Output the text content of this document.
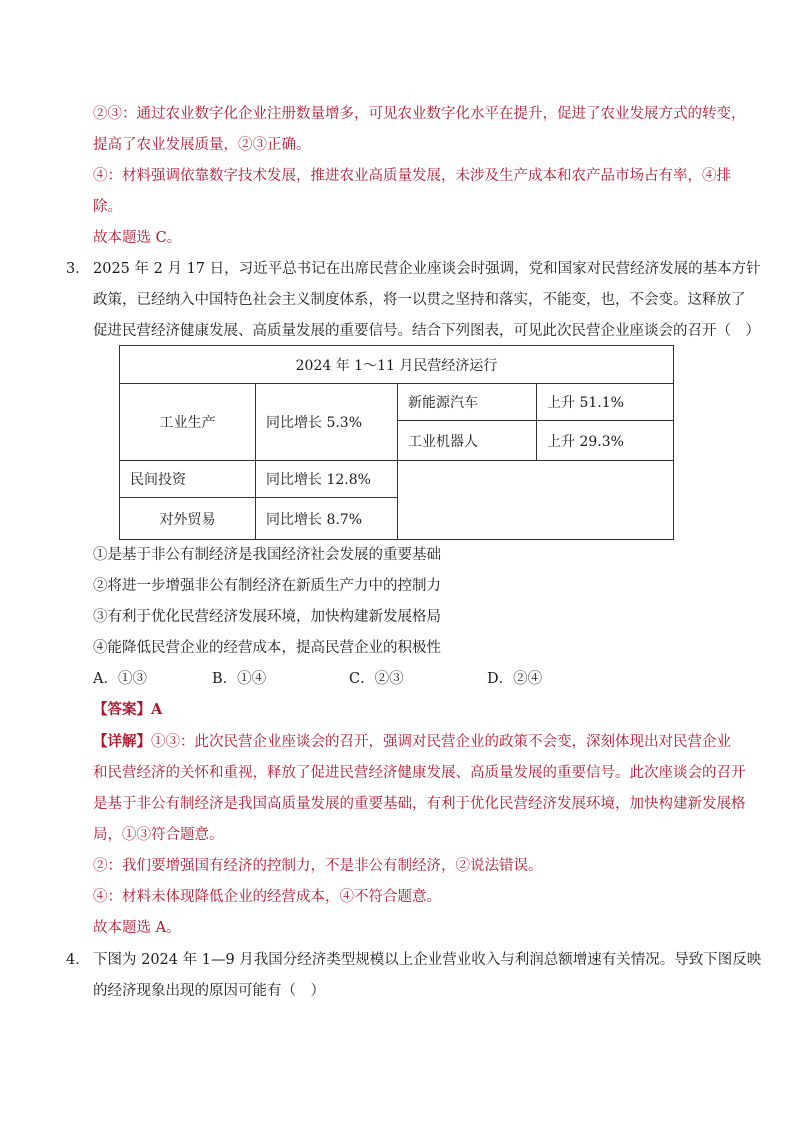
②③：通过农业数字化企业注册数量增多，可见农业数字化水平在提升，促进了农业发展方式的转变，
提高了农业发展质量，②③正确。
④：材料强调依靠数字技术发展，推进农业高质量发展，未涉及生产成本和农产品市场占有率，④排
除。
故本题选 C。
3． 2025 年 2 月 17 日，习近平总书记在出席民营企业座谈会时强调，党和国家对民营经济发展的基本方针
政策，已经纳入中国特色社会主义制度体系，将一以贯之坚持和落实，不能变，也，不会变。这释放了
促进民营经济健康发展、高质量发展的重要信号。结合下列图表，可见此次民营企业座谈会的召开（　）
2024 年 1～11 月民营经济运行			
工业生产	同比增长 5.3%	新能源汽车	上升 51.1%
		工业机器人	上升 29.3%
民间投资	同比增长 12.8%		
对外贸易	同比增长 8.7%		
①是基于非公有制经济是我国经济社会发展的重要基础
②将进一步增强非公有制经济在新质生产力中的控制力
③有利于优化民营经济发展环境，加快构建新发展格局
④能降低民营企业的经营成本，提高民营企业的积极性
A．①③	B．①④	C．②③	D．②④
【答案】A
【详解】①③：此次民营企业座谈会的召开，强调对民营企业的政策不会变，深刻体现出对民营企业
和民营经济的关怀和重视，释放了促进民营经济健康发展、高质量发展的重要信号。此次座谈会的召开
是基于非公有制经济是我国高质量发展的重要基础，有利于优化民营经济发展环境，加快构建新发展格
局，①③符合题意。
②：我们要增强国有经济的控制力，不是非公有制经济，②说法错误。
④：材料未体现降低企业的经营成本，④不符合题意。
故本题选 A。
4． 下图为 2024 年 1—9 月我国分经济类型规模以上企业营业收入与利润总额增速有关情况。导致下图反映
的经济现象出现的原因可能有（　）
